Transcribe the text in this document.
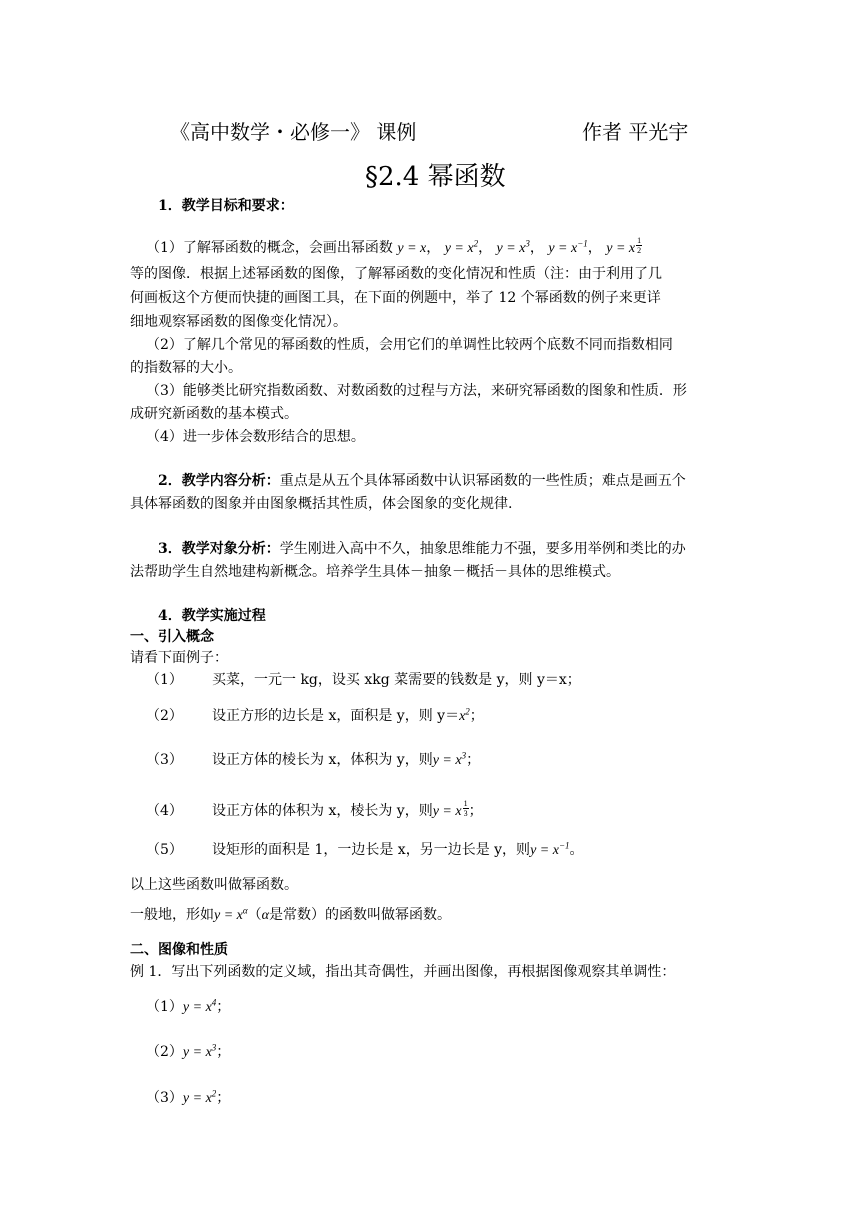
《高中数学・必修一》 课例	作者 平光宇
§2.4 幂函数
1．教学目标和要求：
（1）了解幂函数的概念，会画出幂函数 y = x， $y = x^2$， $y = x^3$， $y = x^{-1}$， y = x $\frac{1}{2}$
等的图像．根据上述幂函数的图像，了解幂函数的变化情况和性质（注：由于利用了几
何画板这个方便而快捷的画图工具，在下面的例题中，举了 12 个幂函数的例子来更详
细地观察幂函数的图像变化情况）。
（2）了解几个常见的幂函数的性质，会用它们的单调性比较两个底数不同而指数相同
的指数幂的大小。
（3）能够类比研究指数函数、对数函数的过程与方法，来研究幂函数的图象和性质．形
成研究新函数的基本模式。
（4）进一步体会数形结合的思想。
2．教学内容分析：重点是从五个具体幂函数中认识幂函数的一些性质；难点是画五个
具体幂函数的图象并由图象概括其性质，体会图象的变化规律.
3．教学对象分析：学生刚进入高中不久，抽象思维能力不强，要多用举例和类比的办
法帮助学生自然地建构新概念。培养学生具体－抽象－概括－具体的思维模式。
4．教学实施过程
一、引入概念
请看下面例子：
（1） 买菜，一元一 kg，设买 xkg 菜需要的钱数是 y，则 y＝x；
（2） 设正方形的边长是 x，面积是 y，则 $y=x^2$；
（3） 设正方体的棱长为 x，体积为 y，则$y = x^3$；
（4） 设正方体的体积为 x，棱长为 y，则y = x $\frac{1}{3}$ ；
（5） 设矩形的面积是 1，一边长是 x，另一边长是 y，则$y = x^{-1}$。
以上这些函数叫做幂函数。
一般地，形如$y = x^\alpha(\alpha$是常数）的函数叫做幂函数。
二、图像和性质
例 1．写出下列函数的定义域，指出其奇偶性，并画出图像，再根据图像观察其单调性：
$(1)y = x^4$；
$(2)y = x^3$；
$(3)y = x^2$；
